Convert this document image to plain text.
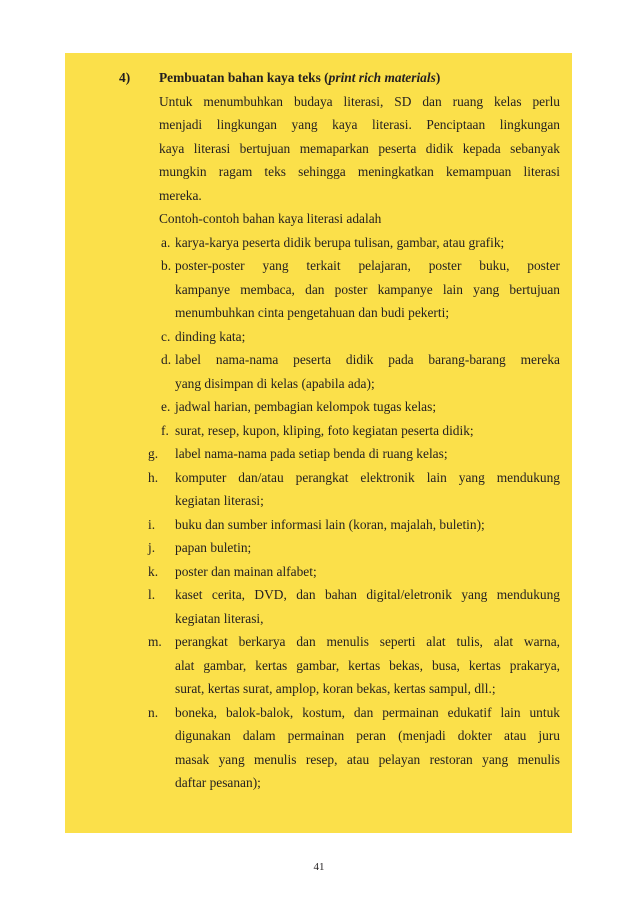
4) Pembuatan bahan kaya teks (print rich materials)
Untuk menumbuhkan budaya literasi, SD dan ruang kelas perlu
menjadi lingkungan yang kaya literasi. Penciptaan lingkungan
kaya literasi bertujuan memaparkan peserta didik kepada sebanyak
mungkin ragam teks sehingga meningkatkan kemampuan literasi
mereka.
Contoh-contoh bahan kaya literasi adalah
a. karya-karya peserta didik berupa tulisan, gambar, atau grafik;
b. poster-poster yang terkait pelajaran, poster buku, poster
kampanye membaca, dan poster kampanye lain yang bertujuan
menumbuhkan cinta pengetahuan dan budi pekerti;
c. dinding kata;
d. label nama-nama peserta didik pada barang-barang mereka
yang disimpan di kelas (apabila ada);
e. jadwal harian, pembagian kelompok tugas kelas;
f. surat, resep, kupon, kliping, foto kegiatan peserta didik;
g. label nama-nama pada setiap benda di ruang kelas;
h. komputer dan/atau perangkat elektronik lain yang mendukung
kegiatan literasi;
i. buku dan sumber informasi lain (koran, majalah, buletin);
j. papan buletin;
k. poster dan mainan alfabet;
l. kaset cerita, DVD, dan bahan digital/eletronik yang mendukung
kegiatan literasi,
m. perangkat berkarya dan menulis seperti alat tulis, alat warna,
alat gambar, kertas gambar, kertas bekas, busa, kertas prakarya,
surat, kertas surat, amplop, koran bekas, kertas sampul, dll.;
n. boneka, balok-balok, kostum, dan permainan edukatif lain untuk
digunakan dalam permainan peran (menjadi dokter atau juru
masak yang menulis resep, atau pelayan restoran yang menulis
daftar pesanan);
41
